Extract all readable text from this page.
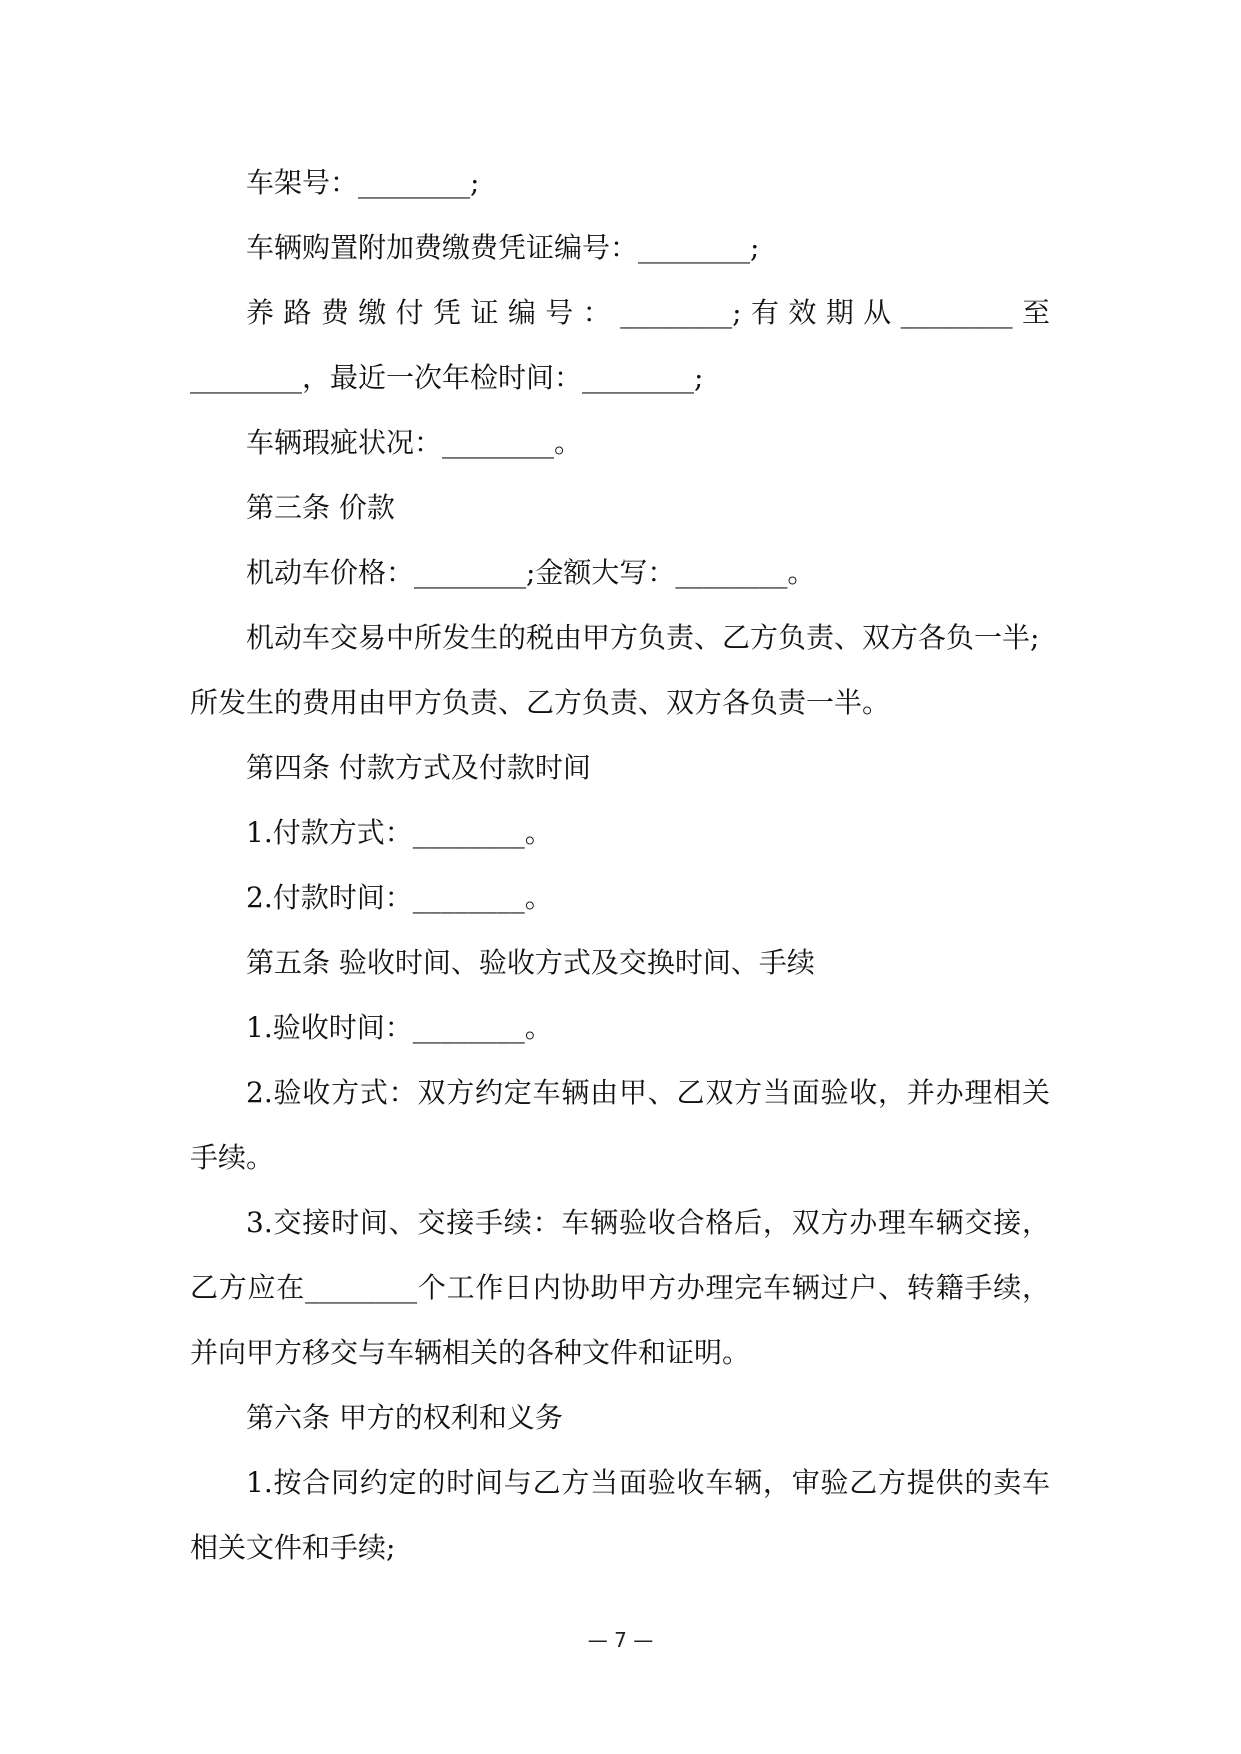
车架号：________;
车辆购置附加费缴费凭证编号：________;
养路费缴付凭证编号：________;有效期从________至
________，最近一次年检时间：________;
车辆瑕疵状况：________。
第三条 价款
机动车价格：________;金额大写：________。
机动车交易中所发生的税由甲方负责、乙方负责、双方各负一半;
所发生的费用由甲方负责、乙方负责、双方各负责一半。
第四条 付款方式及付款时间
1.付款方式：________。
2.付款时间：________。
第五条 验收时间、验收方式及交换时间、手续
1.验收时间：________。
2.验收方式：双方约定车辆由甲、乙双方当面验收，并办理相关
手续。
3.交接时间、交接手续：车辆验收合格后，双方办理车辆交接，
乙方应在________个工作日内协助甲方办理完车辆过户、转籍手续，
并向甲方移交与车辆相关的各种文件和证明。
第六条 甲方的权利和义务
1.按合同约定的时间与乙方当面验收车辆，审验乙方提供的卖车
相关文件和手续;
— 7 —
